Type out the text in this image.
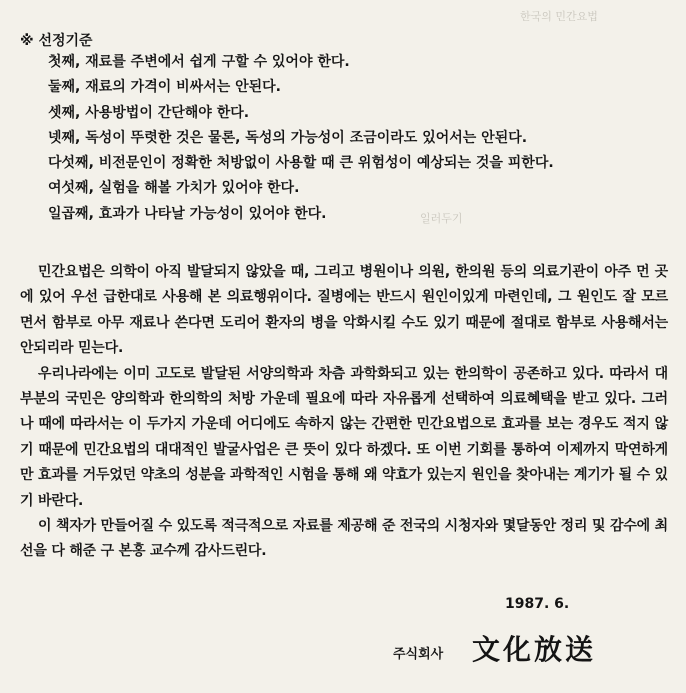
한국의 민간요법
일러두기
※ 선정기준
첫째, 재료를 주변에서 쉽게 구할 수 있어야 한다.
둘째, 재료의 가격이 비싸서는 안된다.
셋째, 사용방법이 간단해야 한다.
넷째, 독성이 뚜렷한 것은 물론, 독성의 가능성이 조금이라도 있어서는 안된다.
다섯째, 비전문인이 정확한 처방없이 사용할 때 큰 위험성이 예상되는 것을 피한다.
여섯째, 실험을 해볼 가치가 있어야 한다.
일곱째, 효과가 나타날 가능성이 있어야 한다.

민간요법은 의학이 아직 발달되지 않았을 때, 그리고 병원이나 의원, 한의원 등의 의료기관이 아주 먼 곳에 있어 우선 급한대로 사용해 본 의료행위이다. 질병에는 반드시 원인이있게 마련인데, 그 원인도 잘 모르면서 함부로 아무 재료나 쓴다면 도리어 환자의 병을 악화시킬 수도 있기 때문에 절대로 함부로 사용해서는 안되리라 믿는다.

우리나라에는 이미 고도로 발달된 서양의학과 차츰 과학화되고 있는 한의학이 공존하고 있다. 따라서 대부분의 국민은 양의학과 한의학의 처방 가운데 필요에 따라 자유롭게 선택하여 의료혜택을 받고 있다. 그러나 때에 따라서는 이 두가지 가운데 어디에도 속하지 않는 간편한 민간요법으로 효과를 보는 경우도 적지 않기 때문에 민간요법의 대대적인 발굴사업은 큰 뜻이 있다 하겠다. 또 이번 기회를 통하여 이제까지 막연하게만 효과를 거두었던 약초의 성분을 과학적인 시험을 통해 왜 약효가 있는지 원인을 찾아내는 계기가 될 수 있기 바란다.

이 책자가 만들어질 수 있도록 적극적으로 자료를 제공해 준 전국의 시청자와 몇달동안 정리 및 감수에 최선을 다 해준 구 본홍 교수께 감사드린다.

1987. 6.
주식회사 文化放送
